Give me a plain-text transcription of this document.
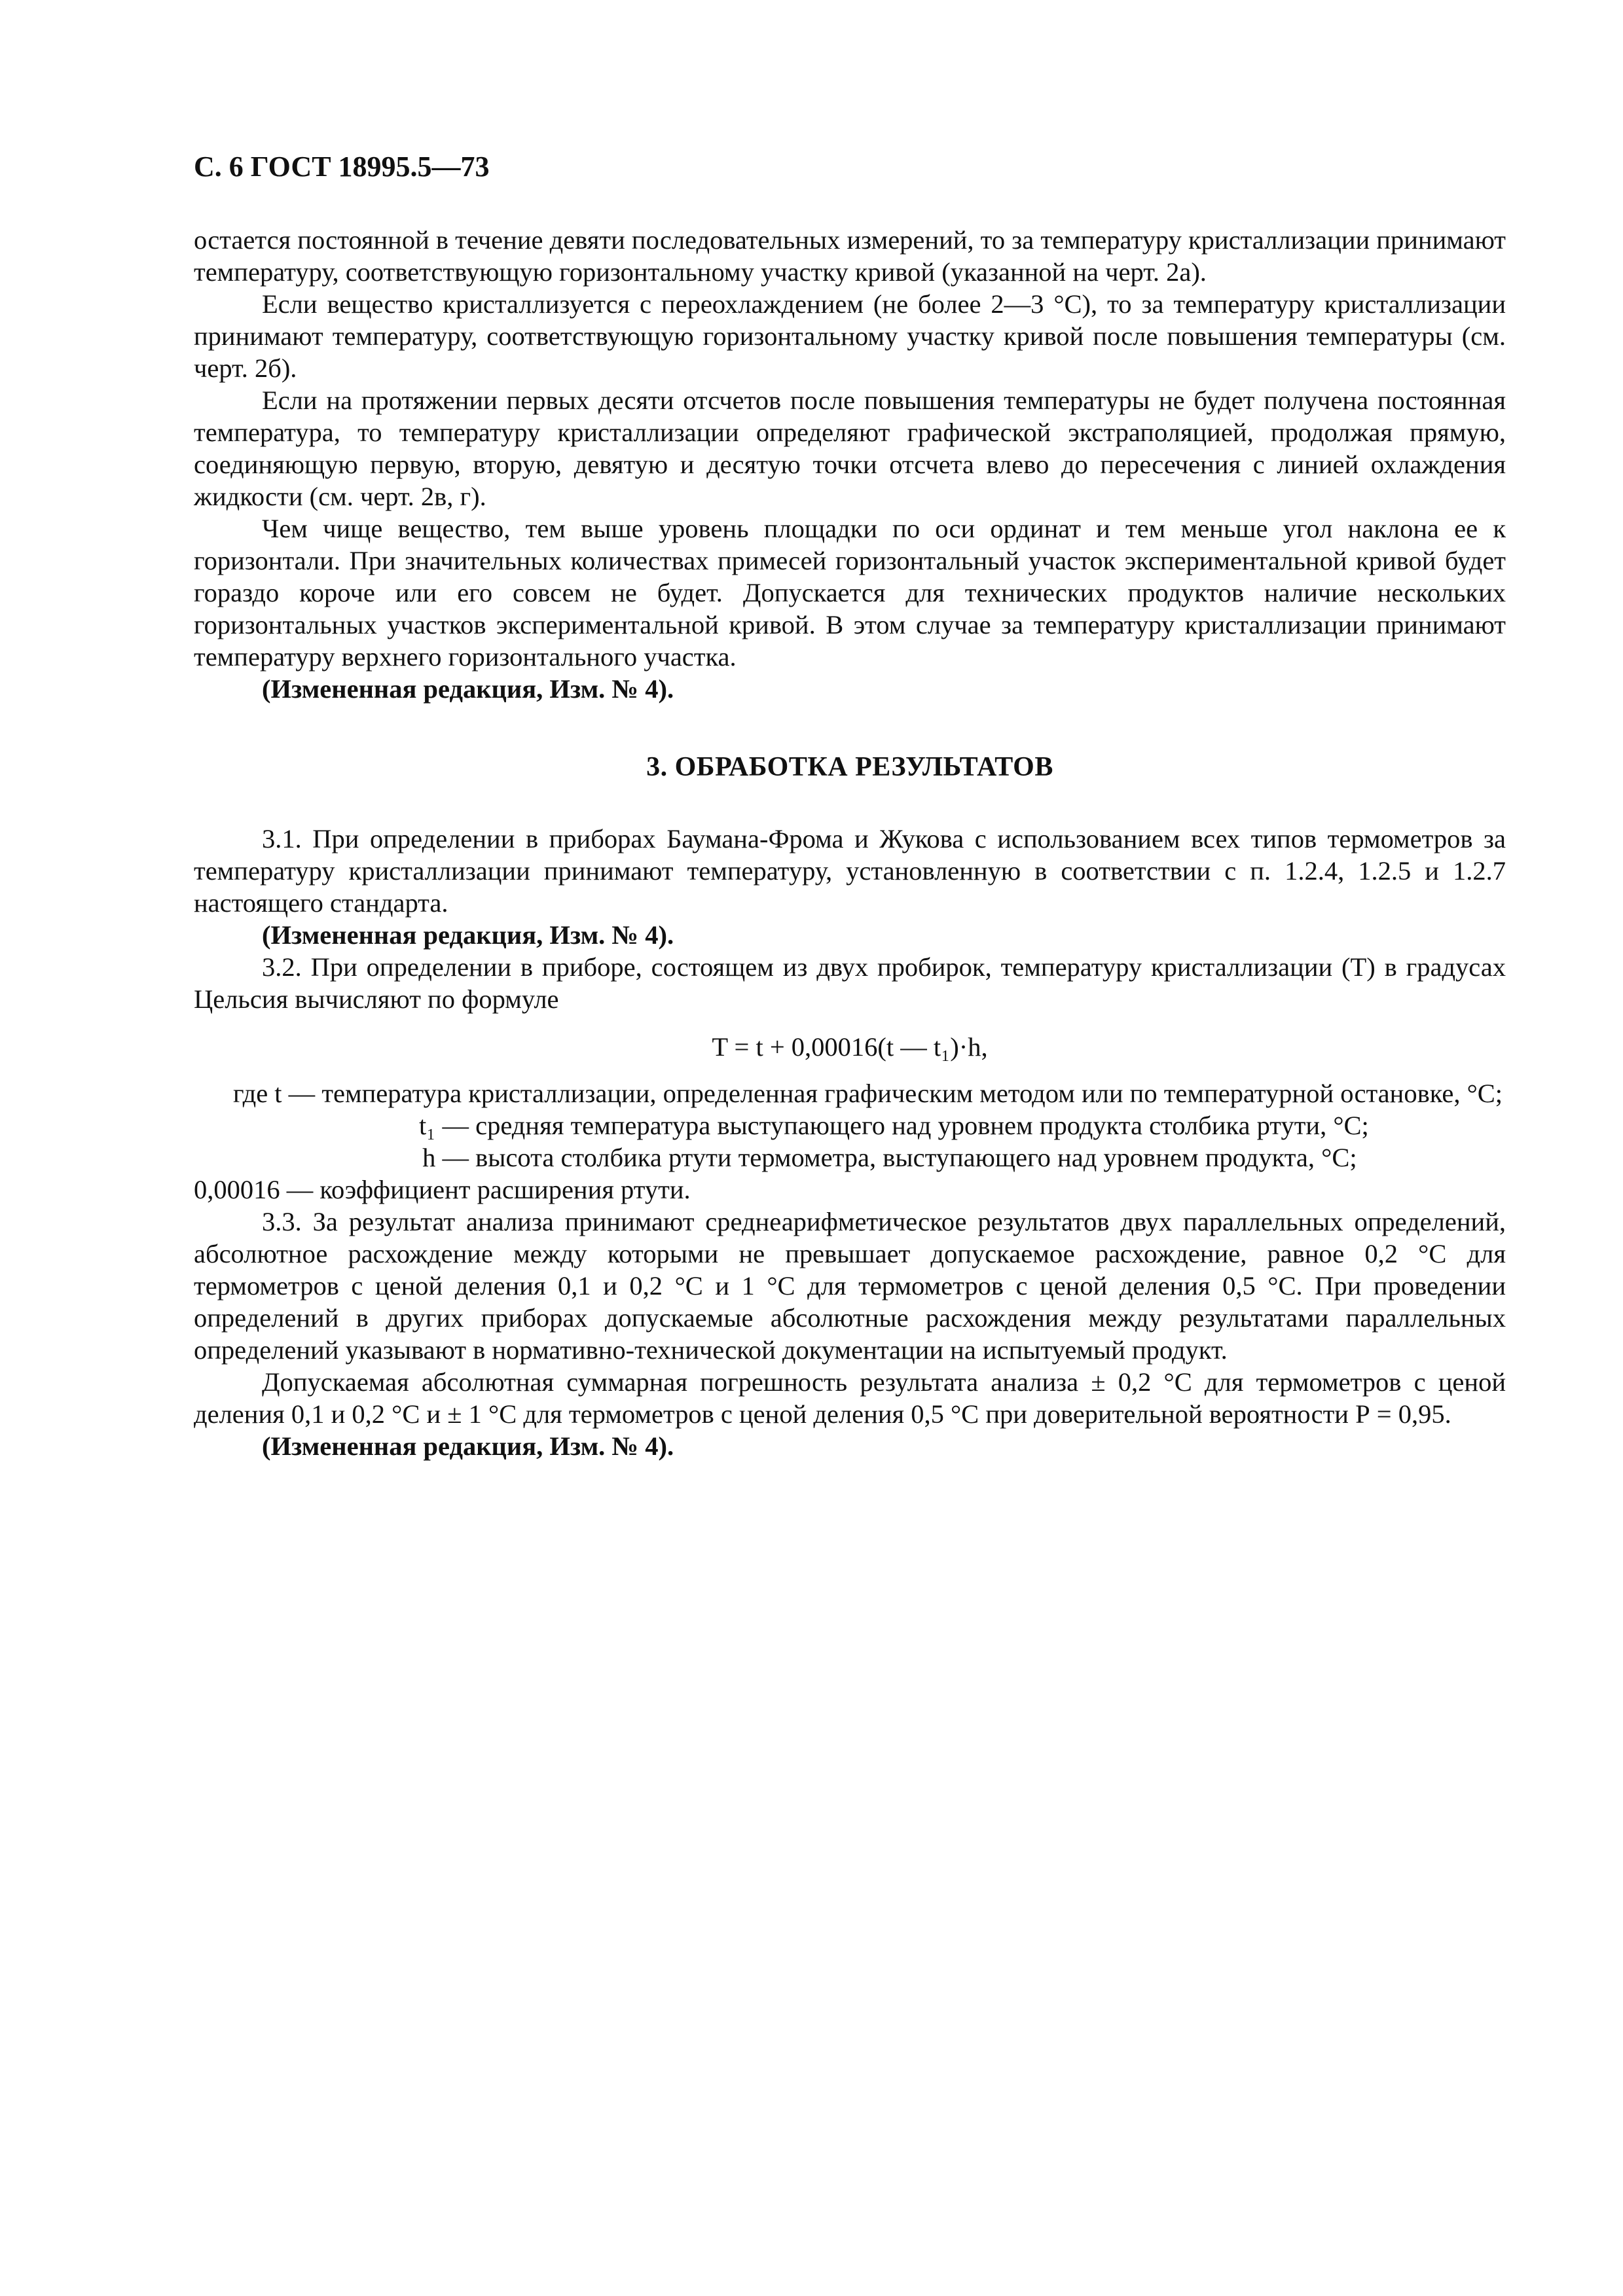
С. 6 ГОСТ 18995.5—73

остается постоянной в течение девяти последовательных измерений, то за температуру кристаллизации принимают температуру, соответствующую горизонтальному участку кривой (указанной на черт. 2а).

Если вещество кристаллизуется с переохлаждением (не более 2—3 °С), то за температуру кристаллизации принимают температуру, соответствующую горизонтальному участку кривой после повышения температуры (см. черт. 2б).

Если на протяжении первых десяти отсчетов после повышения температуры не будет получена постоянная температура, то температуру кристаллизации определяют графической экстраполяцией, продолжая прямую, соединяющую первую, вторую, девятую и десятую точки отсчета влево до пересечения с линией охлаждения жидкости (см. черт. 2в, г).

Чем чище вещество, тем выше уровень площадки по оси ординат и тем меньше угол наклона ее к горизонтали. При значительных количествах примесей горизонтальный участок экспериментальной кривой будет гораздо короче или его совсем не будет. Допускается для технических продуктов наличие нескольких горизонтальных участков экспериментальной кривой. В этом случае за температуру кристаллизации принимают температуру верхнего горизонтального участка.

(Измененная редакция, Изм. № 4).

3. ОБРАБОТКА РЕЗУЛЬТАТОВ

3.1. При определении в приборах Баумана-Фрома и Жукова с использованием всех типов термометров за температуру кристаллизации принимают температуру, установленную в соответствии с п. 1.2.4, 1.2.5 и 1.2.7 настоящего стандарта.

(Измененная редакция, Изм. № 4).

3.2. При определении в приборе, состоящем из двух пробирок, температуру кристаллизации (Т) в градусах Цельсия вычисляют по формуле

T = t + 0,00016(t — t₁)·h,
где t — температура кристаллизации, определенная графическим методом или по температурной остановке, °С;
t₁ — средняя температура выступающего над уровнем продукта столбика ртути, °С;
h — высота столбика ртути термометра, выступающего над уровнем продукта, °С;
0,00016 — коэффициент расширения ртути.

3.3. За результат анализа принимают среднеарифметическое результатов двух параллельных определений, абсолютное расхождение между которыми не превышает допускаемое расхождение, равное 0,2 °С для термометров с ценой деления 0,1 и 0,2 °С и 1 °С для термометров с ценой деления 0,5 °С. При проведении определений в других приборах допускаемые абсолютные расхождения между результатами параллельных определений указывают в нормативно-технической документации на испытуемый продукт.

Допускаемая абсолютная суммарная погрешность результата анализа ± 0,2 °С для термометров с ценой деления 0,1 и 0,2 °С и ± 1 °С для термометров с ценой деления 0,5 °С при доверительной вероятности Р = 0,95.

(Измененная редакция, Изм. № 4).
